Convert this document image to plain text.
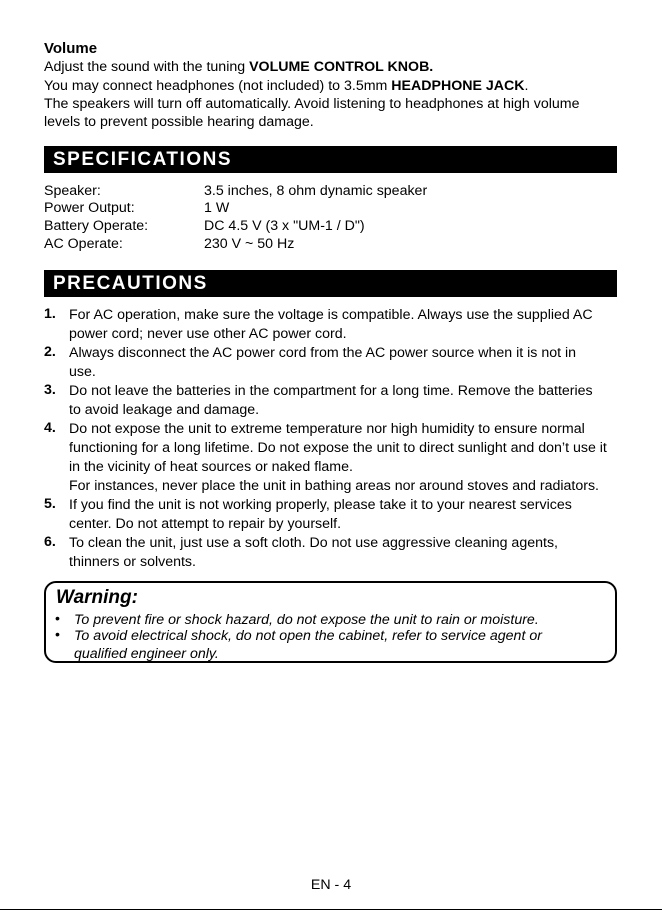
Volume
Adjust the sound with the tuning VOLUME CONTROL KNOB.
You may connect headphones (not included) to 3.5mm HEADPHONE JACK.
The speakers will turn off automatically. Avoid listening to headphones at high volume
levels to prevent possible hearing damage.
SPECIFICATIONS
Speaker:	3.5 inches, 8 ohm dynamic speaker
Power Output:	1 W
Battery Operate:	DC 4.5 V (3 x "UM-1 / D")
AC Operate:	230 V ~ 50 Hz
PRECAUTIONS
1. For AC operation, make sure the voltage is compatible. Always use the supplied AC
power cord; never use other AC power cord.
2. Always disconnect the AC power cord from the AC power source when it is not in
use.
3. Do not leave the batteries in the compartment for a long time. Remove the batteries
to avoid leakage and damage.
4. Do not expose the unit to extreme temperature nor high humidity to ensure normal
functioning for a long lifetime. Do not expose the unit to direct sunlight and don’t use it
in the vicinity of heat sources or naked flame.
For instances, never place the unit in bathing areas nor around stoves and radiators.
5. If you find the unit is not working properly, please take it to your nearest services
center. Do not attempt to repair by yourself.
6. To clean the unit, just use a soft cloth. Do not use aggressive cleaning agents,
thinners or solvents.
Warning:
• To prevent fire or shock hazard, do not expose the unit to rain or moisture.
• To avoid electrical shock, do not open the cabinet, refer to service agent or
qualified engineer only.
EN - 4
